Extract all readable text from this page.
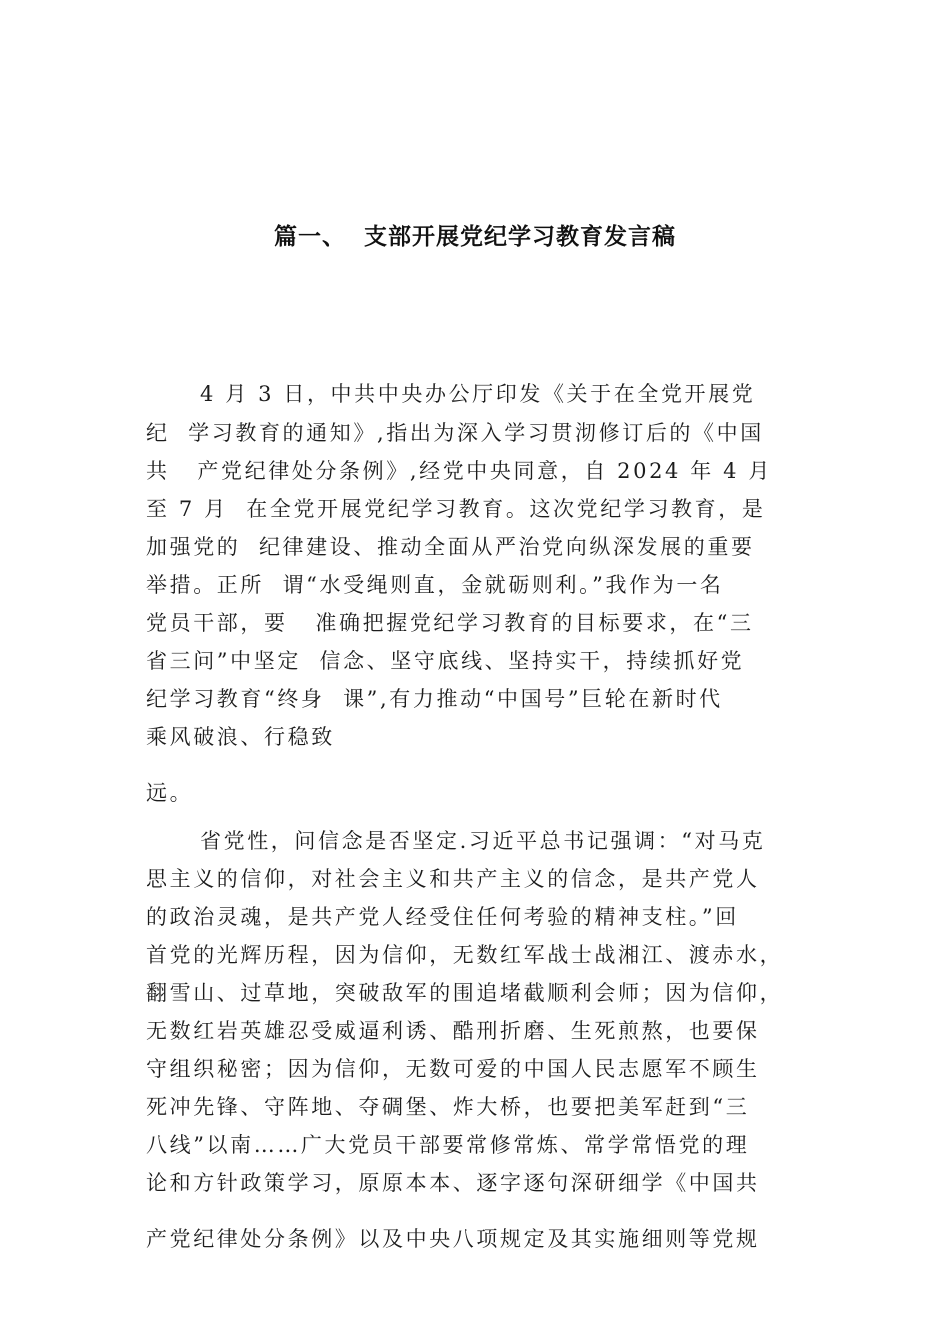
篇一、  支部开展党纪学习教育发言稿
4 月 3 日，中共中央办公厅印发《关于在全党开展党
纪  学习教育的通知》,指出为深入学习贯沏修订后的《中国
共   产党纪律处分条例》,经党中央同意，自 2024 年 4 月
至 7 月  在全党开展党纪学习教育。这次党纪学习教育，是
加强党的  纪律建设、推动全面从严治党向纵深发展的重要
举措。正所  谓“水受绳则直，金就砺则利。”我作为一名
党员干部，要   准确把握党纪学习教育的目标要求，在“三
省三问”中坚定  信念、坚守底线、坚持实干，持续抓好党
纪学习教育“终身  课”,有力推动“中国号”巨轮在新时代
乘风破浪、行稳致
远。
省党性，问信念是否坚定.习近平总书记强调：“对马克
思主义的信仰，对社会主义和共产主义的信念，是共产党人
的政治灵魂，是共产党人经受住任何考验的精神支柱。”回
首党的光辉历程，因为信仰，无数红军战士战湘江、渡赤水，
翻雪山、过草地，突破敌军的围追堵截顺利会师；因为信仰，
无数红岩英雄忍受威逼利诱、酷刑折磨、生死煎熬，也要保
守组织秘密；因为信仰，无数可爱的中国人民志愿军不顾生
死冲先锋、守阵地、夺碉堡、炸大桥，也要把美军赶到“三
八线”以南……广大党员干部要常修常炼、常学常悟党的理
论和方针政策学习，原原本本、逐字逐句深研细学《中国共
产党纪律处分条例》以及中央八项规定及其实施细则等党规
